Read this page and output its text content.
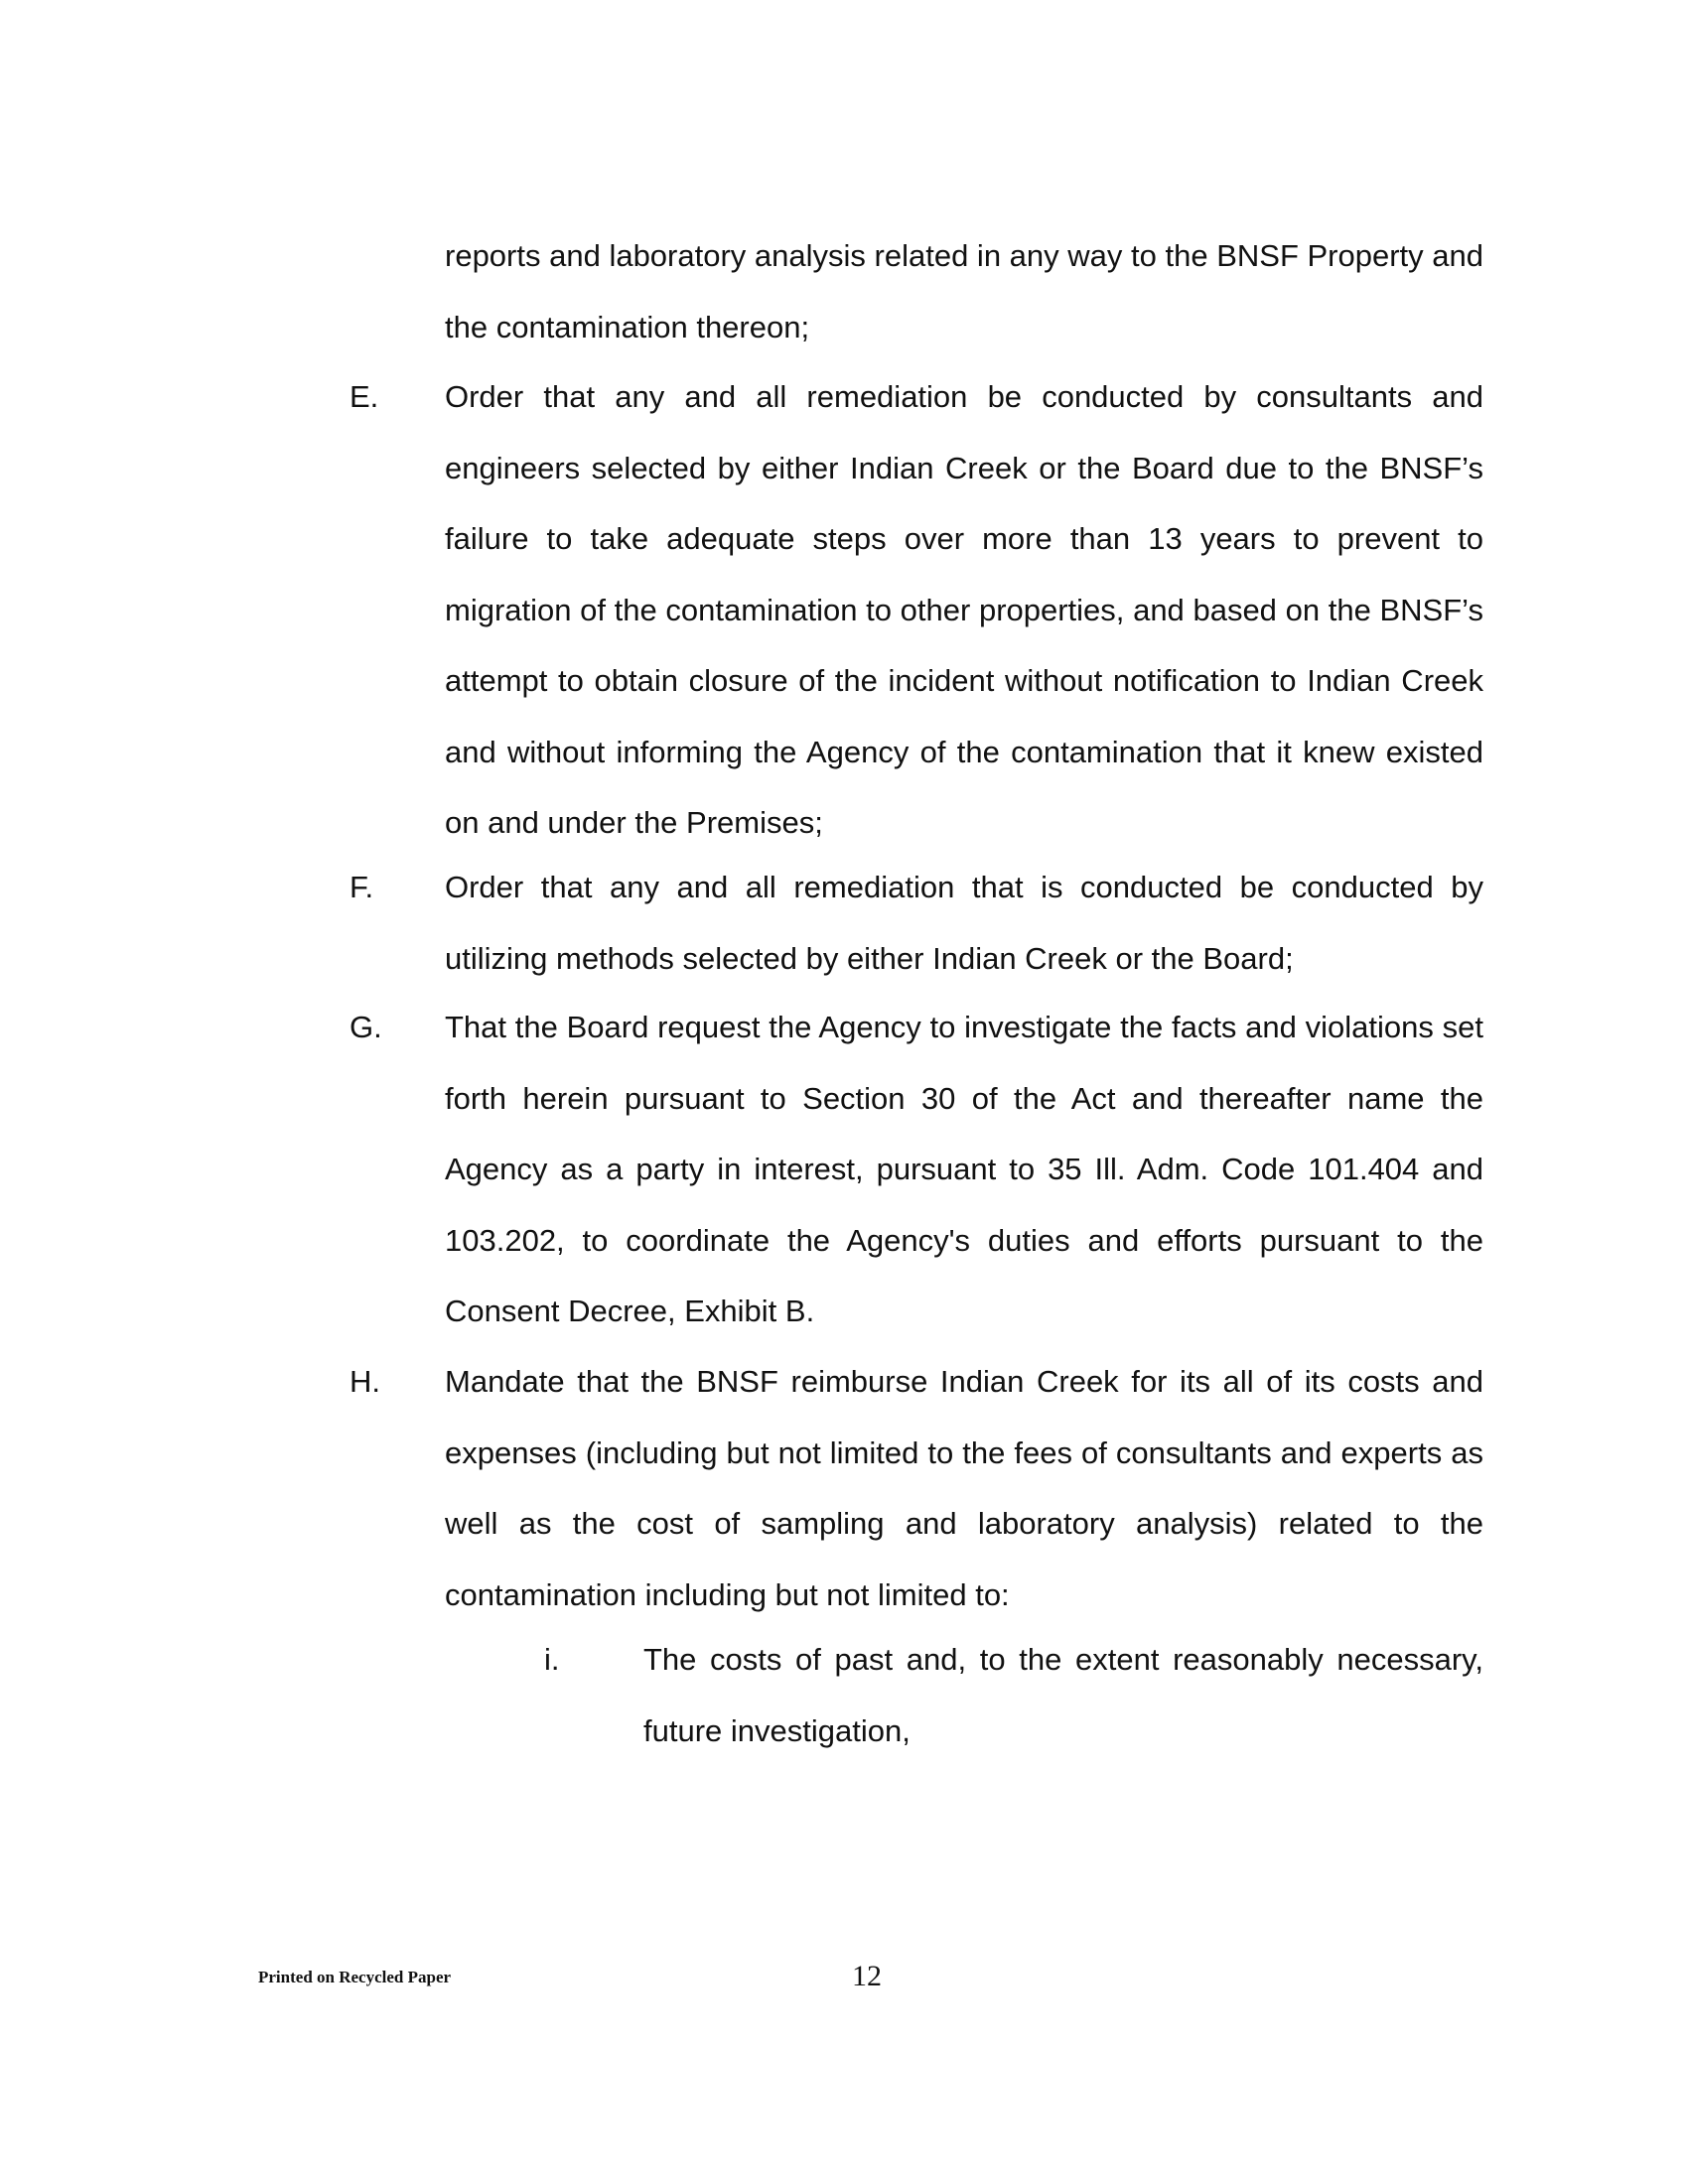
reports and laboratory analysis related in any way to the BNSF Property and the contamination thereon;
E. Order that any and all remediation be conducted by consultants and engineers selected by either Indian Creek or the Board due to the BNSF’s failure to take adequate steps over more than 13 years to prevent to migration of the contamination to other properties, and based on the BNSF’s attempt to obtain closure of the incident without notification to Indian Creek and without informing the Agency of the contamination that it knew existed on and under the Premises;
F. Order that any and all remediation that is conducted be conducted by utilizing methods selected by either Indian Creek or the Board;
G. That the Board request the Agency to investigate the facts and violations set forth herein pursuant to Section 30 of the Act and thereafter name the Agency as a party in interest, pursuant to 35 Ill. Adm. Code 101.404 and 103.202, to coordinate the Agency's duties and efforts pursuant to the Consent Decree, Exhibit B.
H. Mandate that the BNSF reimburse Indian Creek for its all of its costs and expenses (including but not limited to the fees of consultants and experts as well as the cost of sampling and laboratory analysis) related to the contamination including but not limited to:
i.	The costs of past and, to the extent reasonably necessary, future investigation,
Printed on Recycled Paper	12
